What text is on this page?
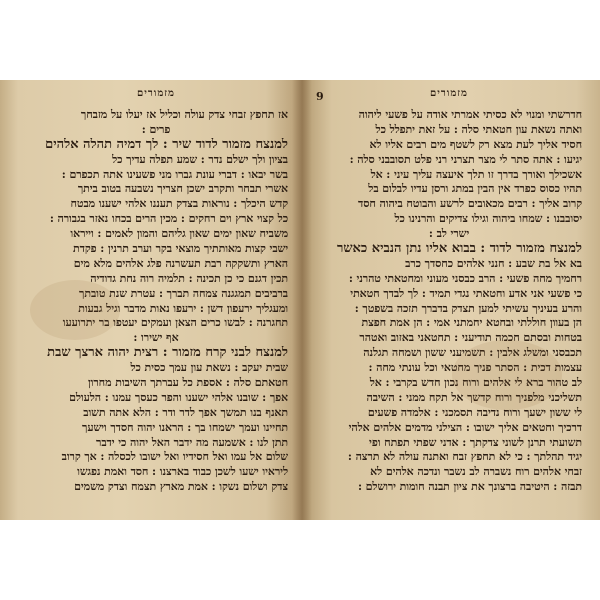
מזמורים
אז תחפץ זבחי צדק עולה וכליל אז יעלו על מזבחך
פרים :
למנצח מזמור לדוד שיר : לך דמיה תהלה אלהים
בציון ולך ישלם נדר : שמע תפלה עדיך כל
בשר יבאו : דברי עונת גברו מני פשעינו אתה תכפרם :
אשרי תבחר ותקרב ישכן חצריך נשבעה בטוב ביתך
קדש היכלך : נוראות בצדק תעננו אלהי ישענו מבטח
כל קצוי ארץ וים רחקים : מכין הרים בכחו נאזר בגבורה :
משביח שאון ימים שאון גליהם והמון לאמים : וייראו
ישבי קצות מאותתיך מוצאי בקר וערב תרנין : פקדת
הארץ ותשקקה רבת תעשרנה פלג אלהים מלא מים
תכין דגנם כי כן תכינה : תלמיה רוה נחת גדודיה
ברביבים תמגגנה צמחה תברך : עטרת שנת טובתך
ומעגליך ירעפון דשן : ירעפו נאות מדבר וגיל גבעות
תחגרנה : לבשו כרים הצאן ועמקים יעטפו בר יתרועעו
אף ישירו :
למנצח לבני קרח מזמור : רצית יהוה ארצך שבת
שבית יעקב : נשאת עון עמך כסית כל
חטאתם סלה : אספת כל עברתך השיבות מחרון
אפך : שובנו אלהי ישענו והפר כעסך עמנו : הלעולם
תאנף בנו תמשך אפך לדר ודר : הלא אתה תשוב
תחיינו ועמך ישמחו בך : הראנו יהוה חסדך וישעך
תתן לנו : אשמעה מה ידבר האל יהוה כי ידבר
שלום אל עמו ואל חסידיו ואל ישובו לכסלה : אך קרוב
ליראיו ישעו לשכן כבוד בארצנו : חסד ואמת נפגשו
צדק ושלום נשקו : אמת מארץ תצמח וצדק משמים
מזמורים
9
חדרשתי ומנוי לא כסיתי אמרתי אודה על פשעי ליהוה
ואתה נשאת עון חטאתי סלה : על זאת יתפלל כל
חסיד אליך לעת מצא רק לשטף מים רבים אליו לא
יגיעו : אתה סתר לי מצר תצרני רני פלט תסובבני סלה :
אשכילך ואורך בדרך זו תלך איעצה עליך עיני : אל
תהיו כסוס כפרד אין הבין במתג ורסן עדיו לבלום בל
קרוב אליך : רבים מכאובים לרשע והבוטח ביהוה חסד
יסובבנו : שמחו ביהוה וגילו צדיקים והרנינו כל
ישרי לב :
למנצח מזמור לדוד : בבוא אליו נתן הנביא כאשר
בא אל בת שבע : חנני אלהים כחסדך כרב
רחמיך מחה פשעי : הרב כבסני מעוני ומחטאתי טהרני :
כי פשעי אני אדע וחטאתי נגדי תמיד : לך לבדך חטאתי
והרע בעיניך עשיתי למען תצדק בדברך תזכה בשפטך :
הן בעוון חוללתי ובחטא יחמתני אמי : הן אמת חפצת
בטחות ובסתם חכמה תודיעני : תחטאני באזוב ואטהר
תכבסני ומשלג אלבין : תשמיעני ששון ושמחה תגלנה
עצמות דכית : הסתר פניך מחטאי וכל עונתי מחה :
לב טהור ברא לי אלהים ורוח נכון חדש בקרבי : אל
תשליכני מלפניך ורוח קדשך אל תקח ממני : השיבה
לי ששון ישעך ורוח נדיבה תסמכני : אלמדה פשעים
דרכיך וחטאים אליך ישובו : הצילני מדמים אלהים אלהי
תשועתי תרנן לשוני צדקתך : אדני שפתי תפתח ופי
יגיד תהלתך : כי לא תחפץ זבח ואתנה עולה לא תרצה :
זבחי אלהים רוח נשברה לב נשבר ונדכה אלהים לא
תבזה : היטיבה ברצונך את ציון תבנה חומות ירושלם :
